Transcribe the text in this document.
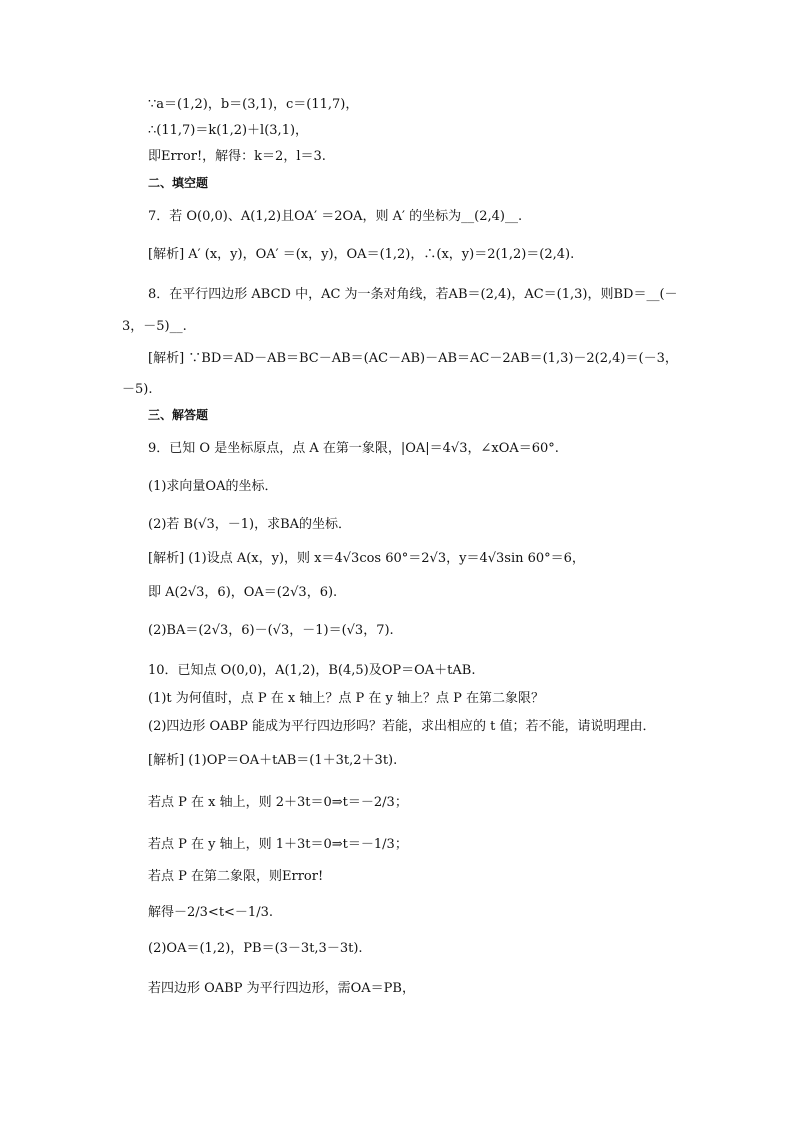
∵a＝(1,2)，b＝(3,1)，c＝(11,7)，
∴(11,7)＝k(1,2)＋l(3,1)，
即Error!，解得：k＝2，l＝3.
二、填空题
7．若 O(0,0)、A(1,2)且OA′ ＝2OA，则 A′ 的坐标为__(2,4)__.
[解析] A′ (x，y)，OA′ ＝(x，y)，OA＝(1,2)，∴(x，y)＝2(1,2)＝(2,4).
8．在平行四边形 ABCD 中，AC 为一条对角线，若AB＝(2,4)，AC＝(1,3)，则BD＝__(－
3，－5)__.
[解析] ∵BD＝AD－AB＝BC－AB＝(AC－AB)－AB＝AC－2AB＝(1,3)－2(2,4)＝(－3，
－5).
三、解答题
9．已知 O 是坐标原点，点 A 在第一象限，|OA|＝4√3，∠xOA＝60°.
(1)求向量OA的坐标．
(2)若 B(√3，－1)，求BA的坐标．
[解析] (1)设点 A(x，y)，则 x＝4√3cos 60°＝2√3，y＝4√3sin 60°＝6，
即 A(2√3，6)，OA＝(2√3，6).
(2)BA＝(2√3，6)－(√3，－1)＝(√3，7).
10．已知点 O(0,0)，A(1,2)，B(4,5)及OP＝OA＋tAB.
(1)t 为何值时，点 P 在 x 轴上？点 P 在 y 轴上？点 P 在第二象限？
(2)四边形 OABP 能成为平行四边形吗？若能，求出相应的 t 值；若不能，请说明理由．
[解析] (1)OP＝OA＋tAB＝(1＋3t,2＋3t).
若点 P 在 x 轴上，则 2＋3t＝0⇒t＝－2/3；
若点 P 在 y 轴上，则 1＋3t＝0⇒t＝－1/3；
若点 P 在第二象限，则Error!
解得－2/3<t<－1/3.
(2)OA＝(1,2)，PB＝(3－3t,3－3t).
若四边形 OABP 为平行四边形，需OA＝PB，
